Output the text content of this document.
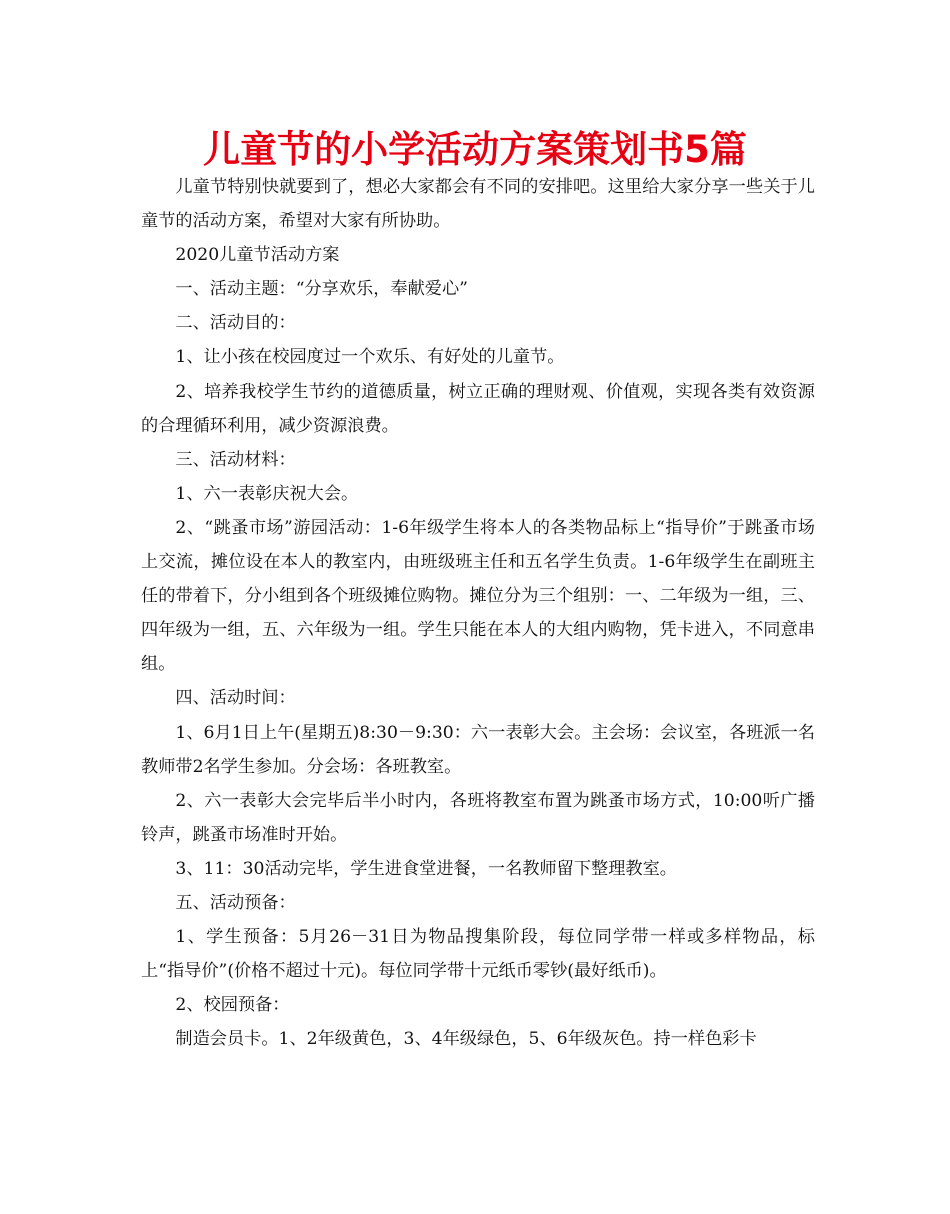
儿童节的小学活动方案策划书5篇

儿童节特别快就要到了，想必大家都会有不同的安排吧。这里给大家分享一些关于儿童节的活动方案，希望对大家有所协助。

2020儿童节活动方案

一、活动主题：“分享欢乐，奉献爱心”

二、活动目的：

1、让小孩在校园度过一个欢乐、有好处的儿童节。

2、培养我校学生节约的道德质量，树立正确的理财观、价值观，实现各类有效资源的合理循环利用，减少资源浪费。

三、活动材料：

1、六一表彰庆祝大会。

2、“跳蚤市场”游园活动：1-6年级学生将本人的各类物品标上“指导价”于跳蚤市场上交流，摊位设在本人的教室内，由班级班主任和五名学生负责。1-6年级学生在副班主任的带着下，分小组到各个班级摊位购物。摊位分为三个组别：一、二年级为一组，三、四年级为一组，五、六年级为一组。学生只能在本人的大组内购物，凭卡进入，不同意串组。

四、活动时间：

1、6月1日上午(星期五)8:30－9:30：六一表彰大会。主会场：会议室，各班派一名教师带2名学生参加。分会场：各班教室。

2、六一表彰大会完毕后半小时内，各班将教室布置为跳蚤市场方式，10:00听广播铃声，跳蚤市场准时开始。

3、11：30活动完毕，学生进食堂进餐，一名教师留下整理教室。

五、活动预备：

1、学生预备：5月26－31日为物品搜集阶段，每位同学带一样或多样物品，标上“指导价”(价格不超过十元)。每位同学带十元纸币零钞(最好纸币)。

2、校园预备：

制造会员卡。1、2年级黄色，3、4年级绿色，5、6年级灰色。持一样色彩卡
